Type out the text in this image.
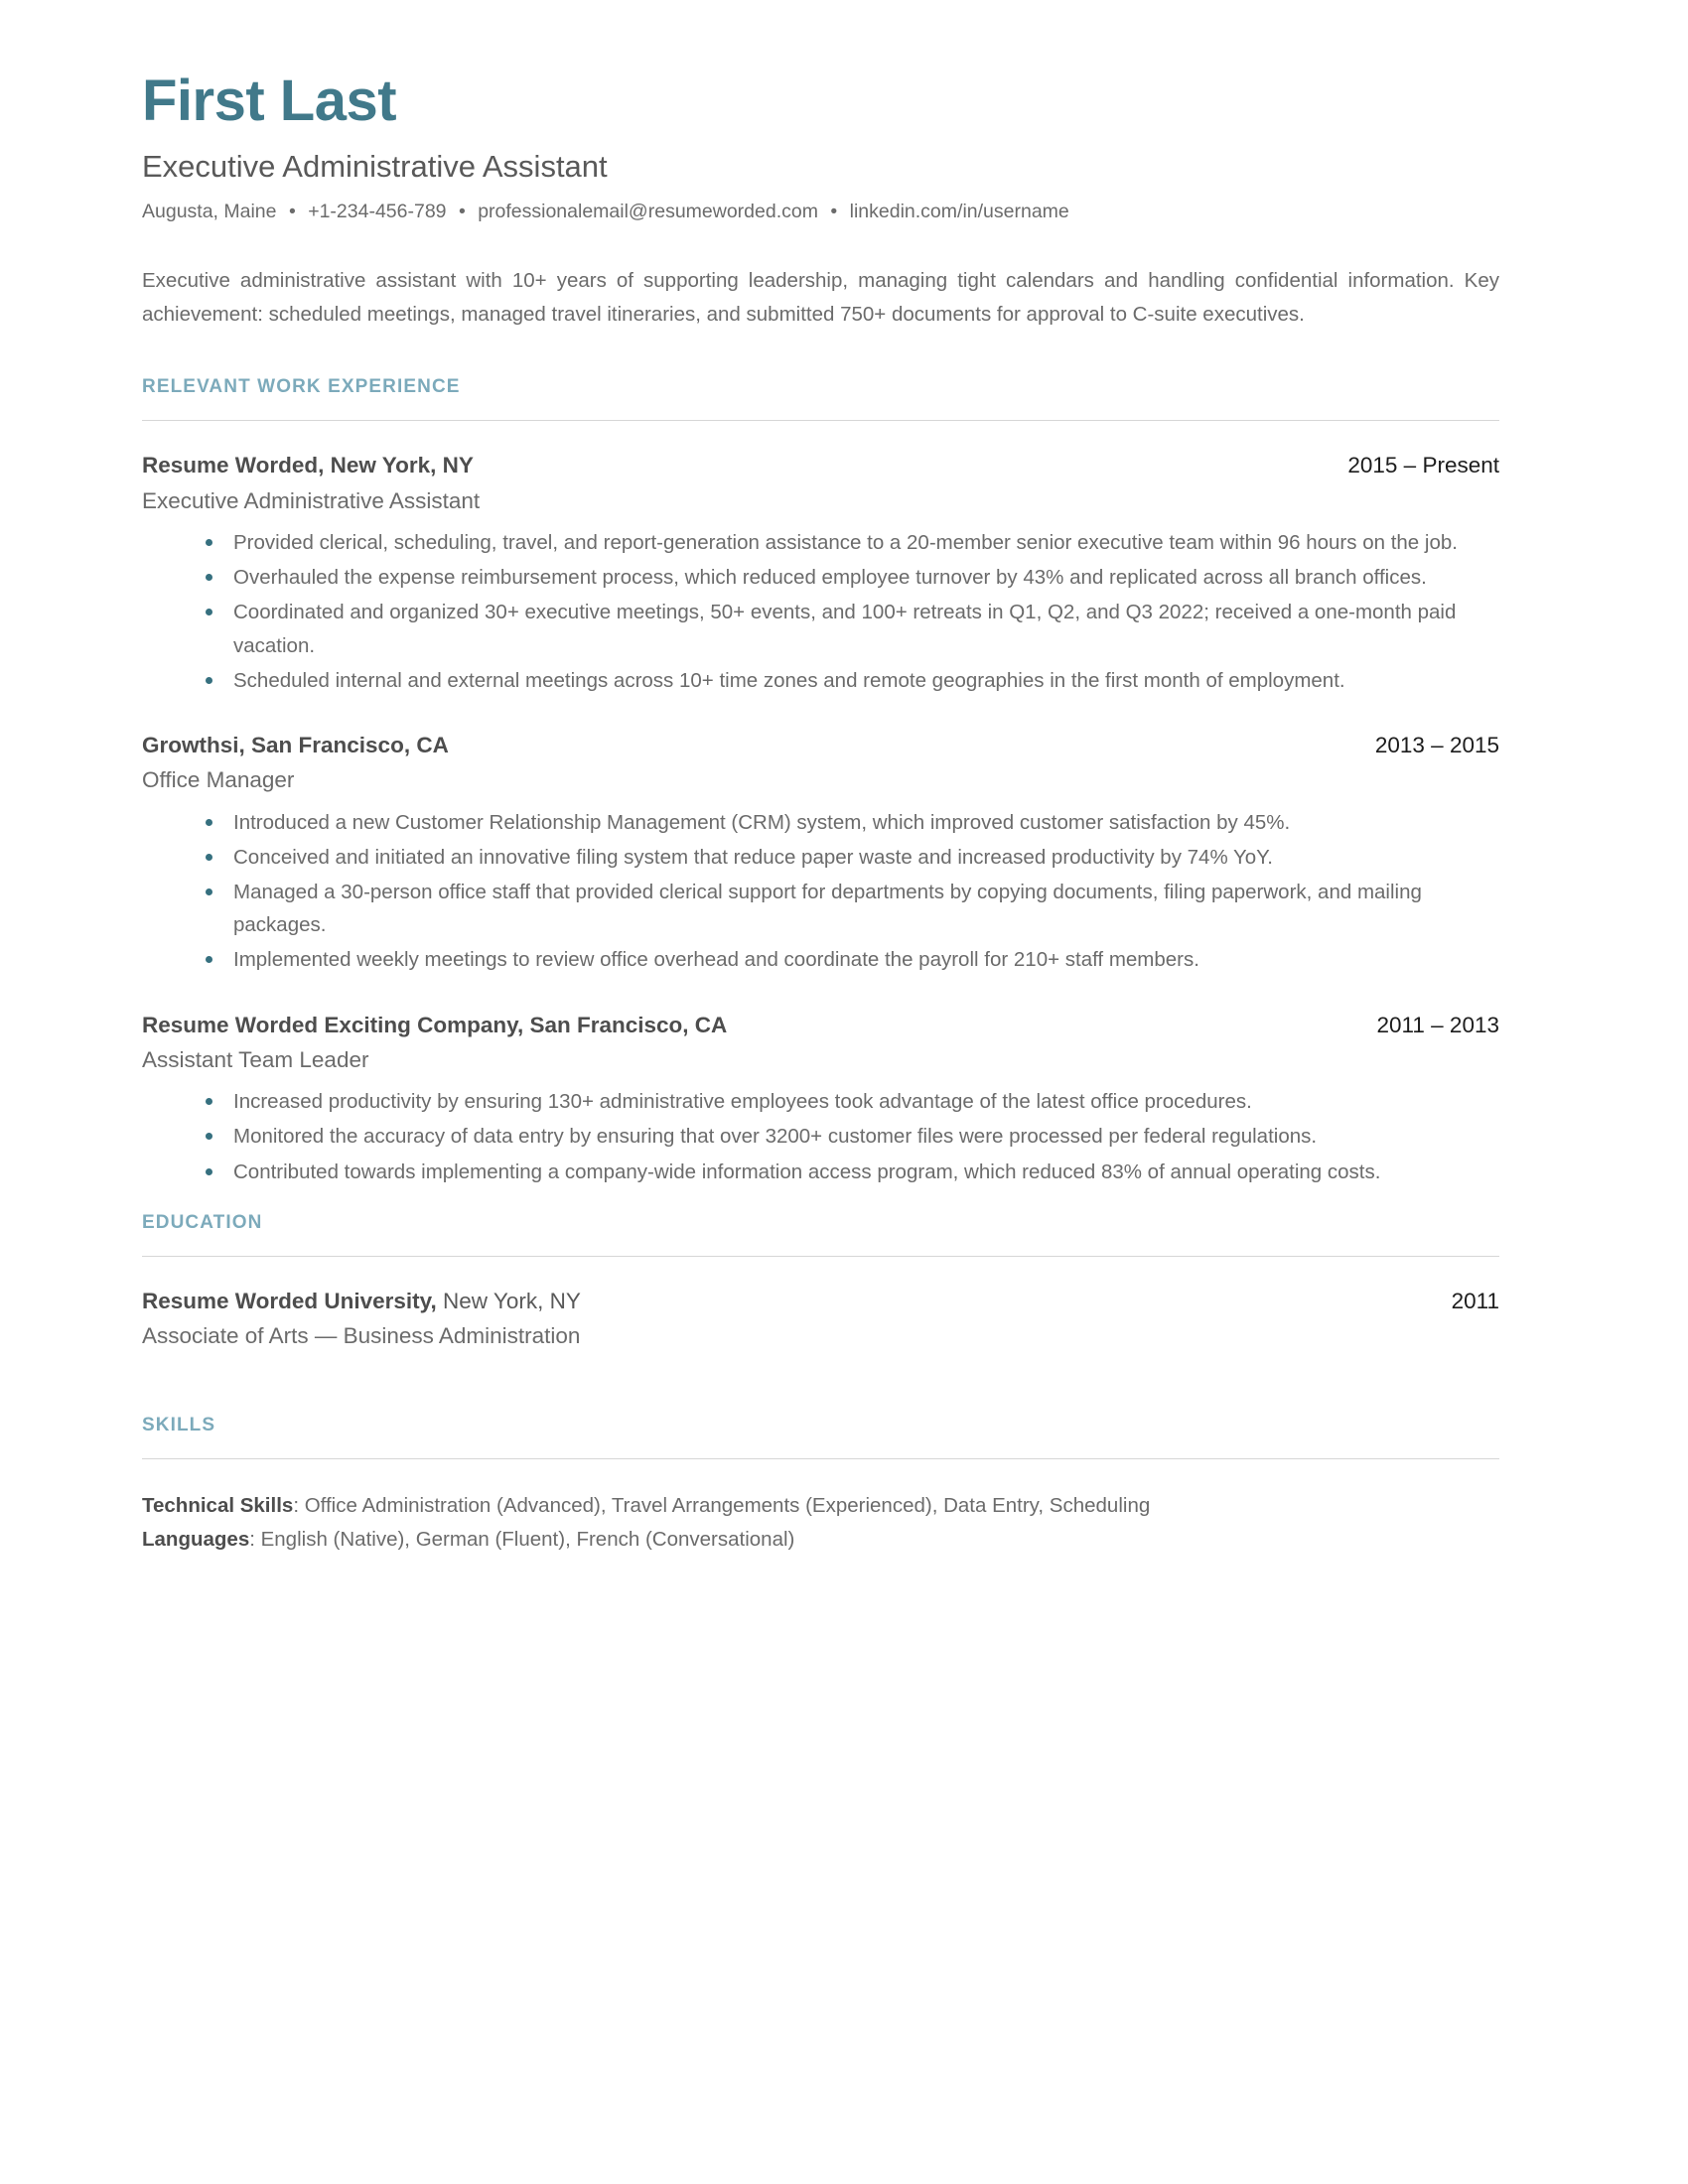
First Last
Executive Administrative Assistant
Augusta, Maine • +1-234-456-789 • professionalemail@resumeworded.com • linkedin.com/in/username

Executive administrative assistant with 10+ years of supporting leadership, managing tight calendars and handling confidential information. Key achievement: scheduled meetings, managed travel itineraries, and submitted 750+ documents for approval to C-suite executives.

RELEVANT WORK EXPERIENCE
Resume Worded, New York, NY	2015 – Present
Executive Administrative Assistant
Provided clerical, scheduling, travel, and report-generation assistance to a 20-member senior executive team within 96 hours on the job.
Overhauled the expense reimbursement process, which reduced employee turnover by 43% and replicated across all branch offices.
Coordinated and organized 30+ executive meetings, 50+ events, and 100+ retreats in Q1, Q2, and Q3 2022; received a one-month paid vacation.
Scheduled internal and external meetings across 10+ time zones and remote geographies in the first month of employment.
Growthsi, San Francisco, CA	2013 – 2015
Office Manager
Introduced a new Customer Relationship Management (CRM) system, which improved customer satisfaction by 45%.
Conceived and initiated an innovative filing system that reduce paper waste and increased productivity by 74% YoY.
Managed a 30-person office staff that provided clerical support for departments by copying documents, filing paperwork, and mailing packages.
Implemented weekly meetings to review office overhead and coordinate the payroll for 210+ staff members.
Resume Worded Exciting Company, San Francisco, CA	2011 – 2013
Assistant Team Leader
Increased productivity by ensuring 130+ administrative employees took advantage of the latest office procedures.
Monitored the accuracy of data entry by ensuring that over 3200+ customer files were processed per federal regulations.
Contributed towards implementing a company-wide information access program, which reduced 83% of annual operating costs.
EDUCATION
Resume Worded University, New York, NY	2011
Associate of Arts — Business Administration
SKILLS
Technical Skills: Office Administration (Advanced), Travel Arrangements (Experienced), Data Entry, Scheduling
Languages: English (Native), German (Fluent), French (Conversational)
